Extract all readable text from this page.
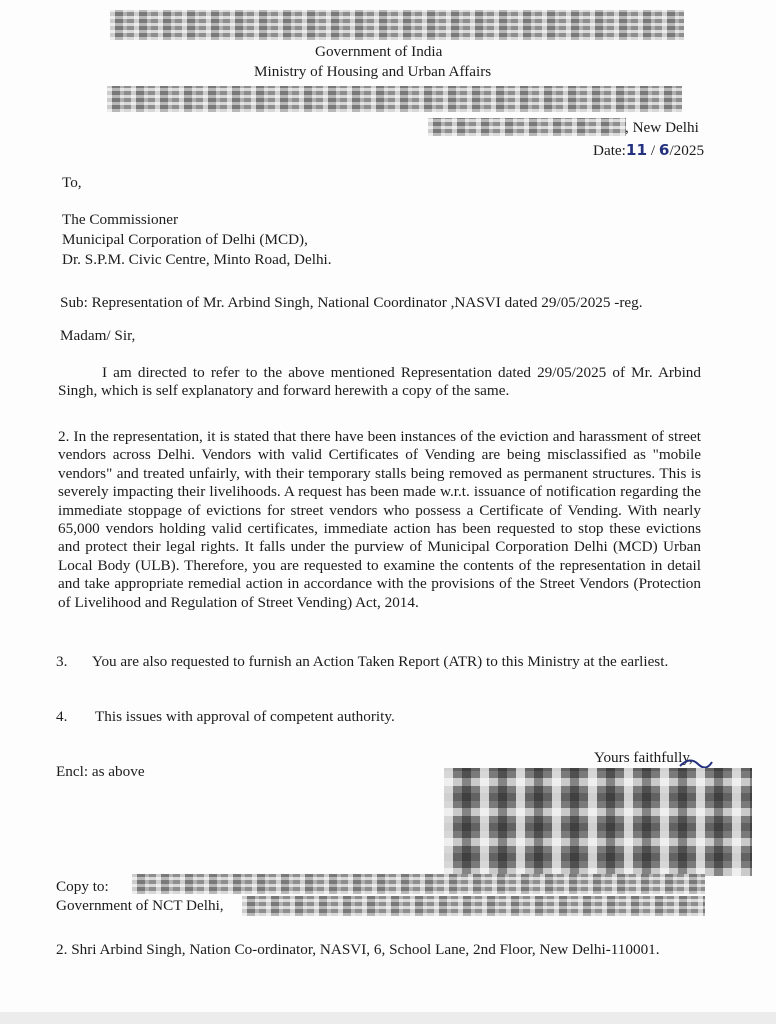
Government of India
Ministry of Housing and Urban Affairs
, New Delhi
Date:11 / 6/2025
To,
The Commissioner
Municipal Corporation of Delhi (MCD),
Dr. S.P.M. Civic Centre, Minto Road, Delhi.
Sub: Representation of Mr. Arbind Singh, National Coordinator ,NASVI dated 29/05/2025 -reg.
Madam/ Sir,

I am directed to refer to the above mentioned Representation dated 29/05/2025 of Mr. Arbind Singh, which is self explanatory and forward herewith a copy of the same.

2. In the representation, it is stated that there have been instances of the eviction and harassment of street vendors across Delhi. Vendors with valid Certificates of Vending are being misclassified as "mobile vendors" and treated unfairly, with their temporary stalls being removed as permanent structures. This is severely impacting their livelihoods. A request has been made w.r.t. issuance of notification regarding the immediate stoppage of evictions for street vendors who possess a Certificate of Vending. With nearly 65,000 vendors holding valid certificates, immediate action has been requested to stop these evictions and protect their legal rights. It falls under the purview of Municipal Corporation Delhi (MCD) Urban Local Body (ULB). Therefore, you are requested to examine the contents of the representation in detail and take appropriate remedial action in accordance with the provisions of the Street Vendors (Protection of Livelihood and Regulation of Street Vending) Act, 2014.

3.	You are also requested to furnish an Action Taken Report (ATR) to this Ministry at the earliest.

4. This issues with approval of competent authority.
Yours faithfully,
Encl: as above
Copy to:
Government of NCT Delhi,

2. Shri Arbind Singh, Nation Co-ordinator, NASVI, 6, School Lane, 2nd Floor, New Delhi-110001.
